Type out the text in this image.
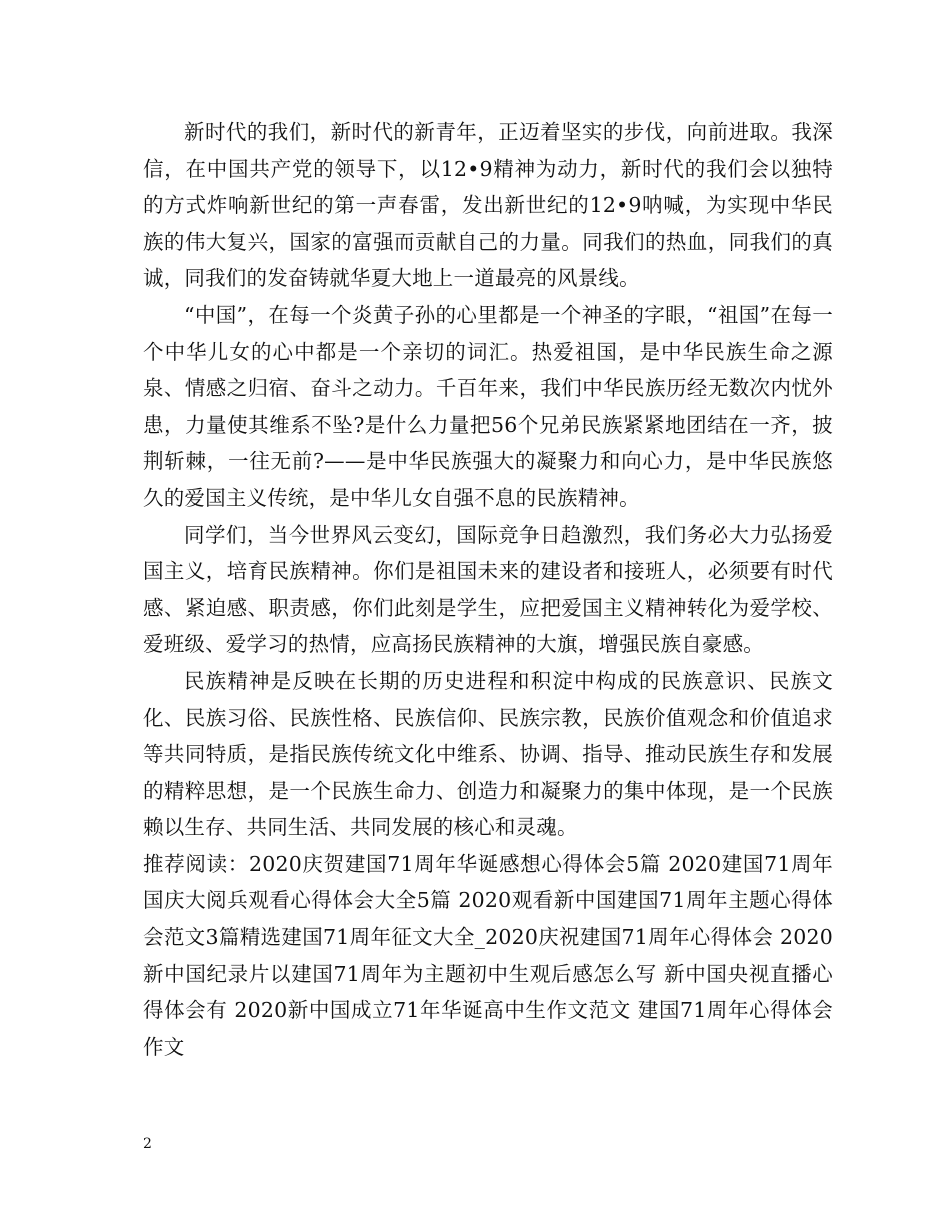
新时代的我们，新时代的新青年，正迈着坚实的步伐，向前进取。我深信，在中国共产党的领导下，以12•9精神为动力，新时代的我们会以独特的方式炸响新世纪的第一声春雷，发出新世纪的12•9呐喊，为实现中华民族的伟大复兴，国家的富强而贡献自己的力量。同我们的热血，同我们的真诚，同我们的发奋铸就华夏大地上一道最亮的风景线。

“中国”，在每一个炎黄子孙的心里都是一个神圣的字眼，“祖国”在每一个中华儿女的心中都是一个亲切的词汇。热爱祖国，是中华民族生命之源泉、情感之归宿、奋斗之动力。千百年来，我们中华民族历经无数次内忧外患，力量使其维系不坠?是什么力量把56个兄弟民族紧紧地团结在一齐，披荆斩棘，一往无前?——是中华民族强大的凝聚力和向心力，是中华民族悠久的爱国主义传统，是中华儿女自强不息的民族精神。

同学们，当今世界风云变幻，国际竞争日趋激烈，我们务必大力弘扬爱国主义，培育民族精神。你们是祖国未来的建设者和接班人，必须要有时代感、紧迫感、职责感，你们此刻是学生，应把爱国主义精神转化为爱学校、爱班级、爱学习的热情，应高扬民族精神的大旗，增强民族自豪感。

民族精神是反映在长期的历史进程和积淀中构成的民族意识、民族文化、民族习俗、民族性格、民族信仰、民族宗教，民族价值观念和价值追求等共同特质，是指民族传统文化中维系、协调、指导、推动民族生存和发展的精粹思想，是一个民族生命力、创造力和凝聚力的集中体现，是一个民族赖以生存、共同生活、共同发展的核心和灵魂。

推荐阅读：2020庆贺建国71周年华诞感想心得体会5篇 2020建国71周年国庆大阅兵观看心得体会大全5篇 2020观看新中国建国71周年主题心得体会范文3篇精选建国71周年征文大全_2020庆祝建国71周年心得体会 2020新中国纪录片以建国71周年为主题初中生观后感怎么写 新中国央视直播心得体会有 2020新中国成立71年华诞高中生作文范文 建国71周年心得体会作文

2
